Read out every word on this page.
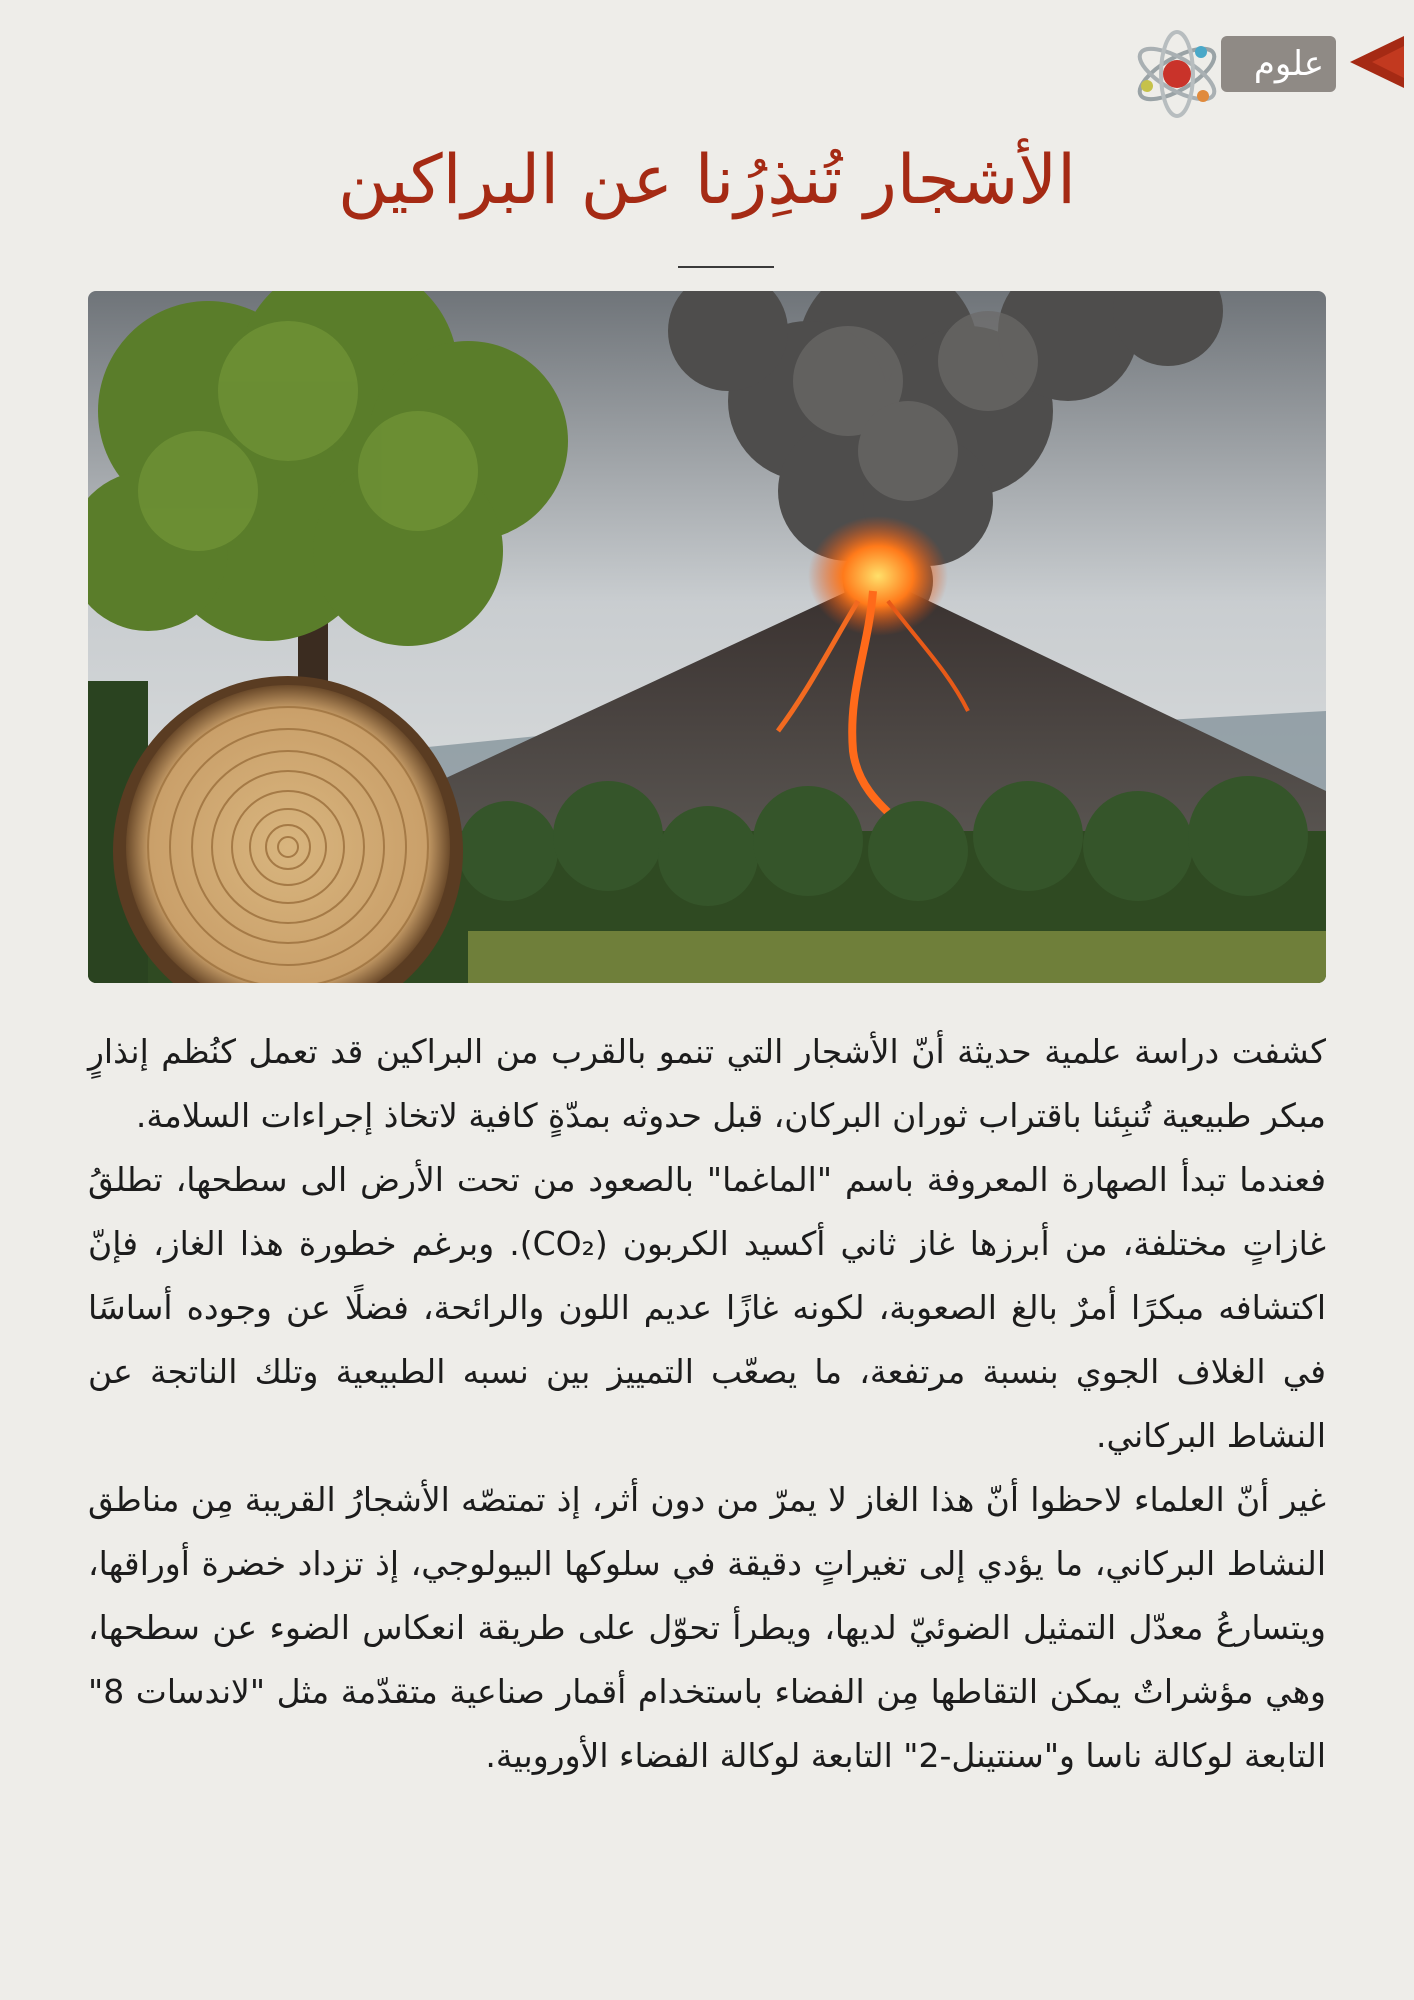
علوم
الأشجار تُنذِرُنا عن البراكين

كشفت دراسة علمية حديثة أنّ الأشجار التي تنمو بالقرب من البراكين قد تعمل كنُظم إنذارٍ مبكر طبيعية تُنبِئنا باقتراب ثوران البركان، قبل حدوثه بمدّةٍ كافية لاتخاذ إجراءات السلامة.

فعندما تبدأ الصهارة المعروفة باسم "الماغما" بالصعود من تحت الأرض الى سطحها، تطلقُ غازاتٍ مختلفة، من أبرزها غاز ثاني أكسيد الكربون (CO₂). وبرغم خطورة هذا الغاز، فإنّ اكتشافه مبكرًا أمرٌ بالغ الصعوبة، لكونه غازًا عديم اللون والرائحة، فضلًا عن وجوده أساسًا في الغلاف الجوي بنسبة مرتفعة، ما يصعّب التمييز بين نسبه الطبيعية وتلك الناتجة عن النشاط البركاني.

غير أنّ العلماء لاحظوا أنّ هذا الغاز لا يمرّ من دون أثر، إذ تمتصّه الأشجارُ القريبة مِن مناطق النشاط البركاني، ما يؤدي إلى تغيراتٍ دقيقة في سلوكها البيولوجي، إذ تزداد خضرة أوراقها، ويتسارعُ معدّل التمثيل الضوئيّ لديها، ويطرأ تحوّل على طريقة انعكاس الضوء عن سطحها، وهي مؤشراتٌ يمكن التقاطها مِن الفضاء باستخدام أقمار صناعية متقدّمة مثل "لاندسات 8" التابعة لوكالة ناسا و"سنتينل-2" التابعة لوكالة الفضاء الأوروبية.
